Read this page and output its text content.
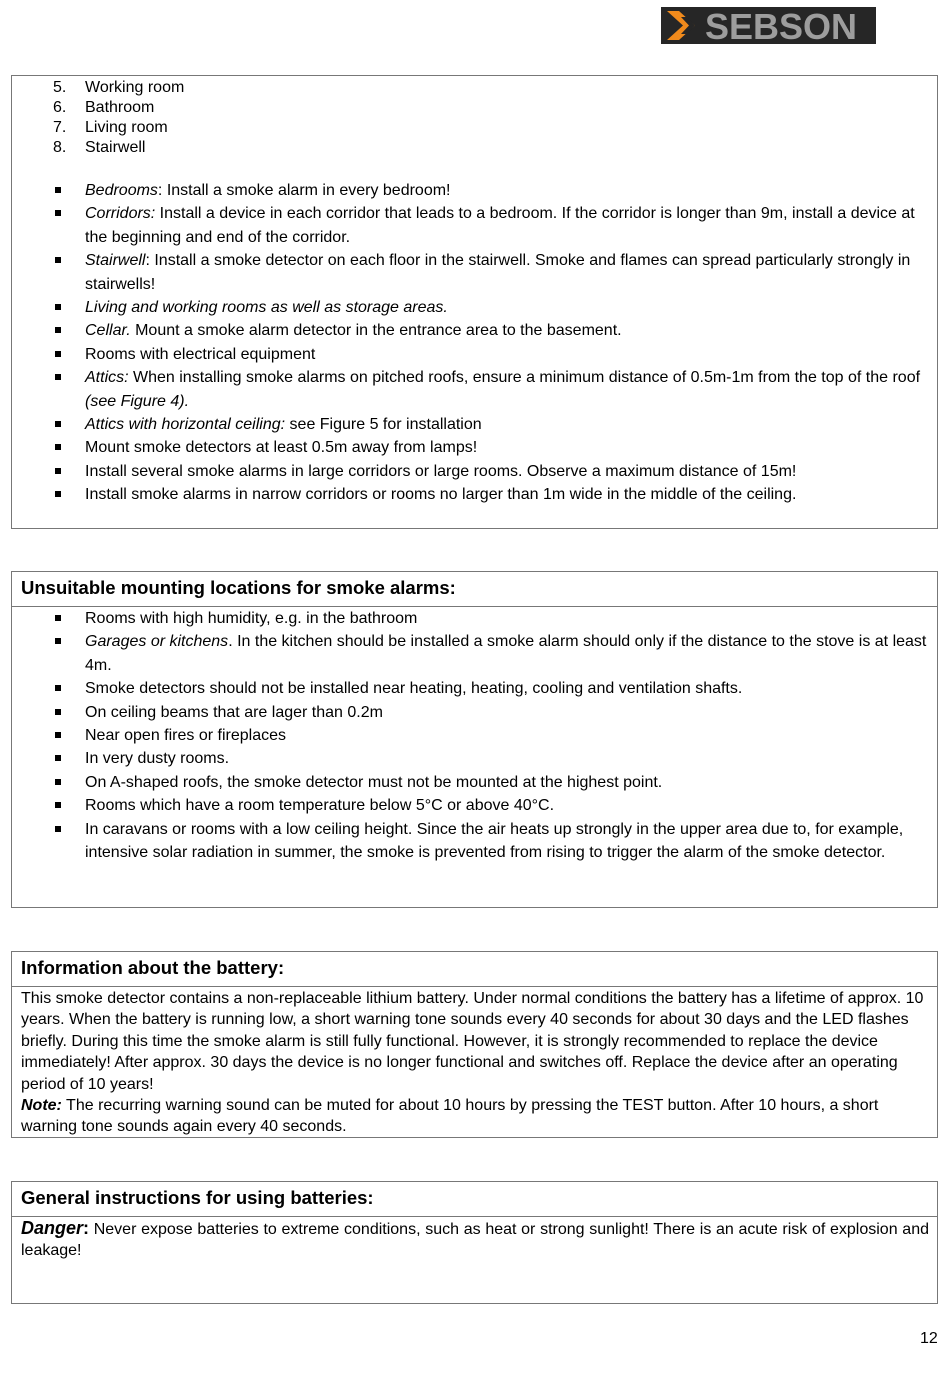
SEBSON
5. Working room
6. Bathroom
7. Living room
8. Stairwell
Bedrooms: Install a smoke alarm in every bedroom!
Corridors: Install a device in each corridor that leads to a bedroom. If the corridor is longer than 9m, install a device at the beginning and end of the corridor.
Stairwell: Install a smoke detector on each floor in the stairwell. Smoke and flames can spread particularly strongly in stairwells!
Living and working rooms as well as storage areas.
Cellar. Mount a smoke alarm detector in the entrance area to the basement.
Rooms with electrical equipment
Attics: When installing smoke alarms on pitched roofs, ensure a minimum distance of 0.5m-1m from the top of the roof (see Figure 4).
Attics with horizontal ceiling: see Figure 5 for installation
Mount smoke detectors at least 0.5m away from lamps!
Install several smoke alarms in large corridors or large rooms. Observe a maximum distance of 15m!
Install smoke alarms in narrow corridors or rooms no larger than 1m wide in the middle of the ceiling.
Unsuitable mounting locations for smoke alarms:
Rooms with high humidity, e.g. in the bathroom
Garages or kitchens. In the kitchen should be installed a smoke alarm should only if the distance to the stove is at least 4m.
Smoke detectors should not be installed near heating, heating, cooling and ventilation shafts.
On ceiling beams that are lager than 0.2m
Near open fires or fireplaces
In very dusty rooms.
On A-shaped roofs, the smoke detector must not be mounted at the highest point.
Rooms which have a room temperature below 5°C or above 40°C.
In caravans or rooms with a low ceiling height. Since the air heats up strongly in the upper area due to, for example, intensive solar radiation in summer, the smoke is prevented from rising to trigger the alarm of the smoke detector.
Information about the battery:
This smoke detector contains a non-replaceable lithium battery. Under normal conditions the battery has a lifetime of approx. 10 years. When the battery is running low, a short warning tone sounds every 40 seconds for about 30 days and the LED flashes briefly. During this time the smoke alarm is still fully functional. However, it is strongly recommended to replace the device immediately! After approx. 30 days the device is no longer functional and switches off. Replace the device after an operating period of 10 years!
Note: The recurring warning sound can be muted for about 10 hours by pressing the TEST button. After 10 hours, a short warning tone sounds again every 40 seconds.
General instructions for using batteries:
Danger: Never expose batteries to extreme conditions, such as heat or strong sunlight! There is an acute risk of explosion and leakage!
12
